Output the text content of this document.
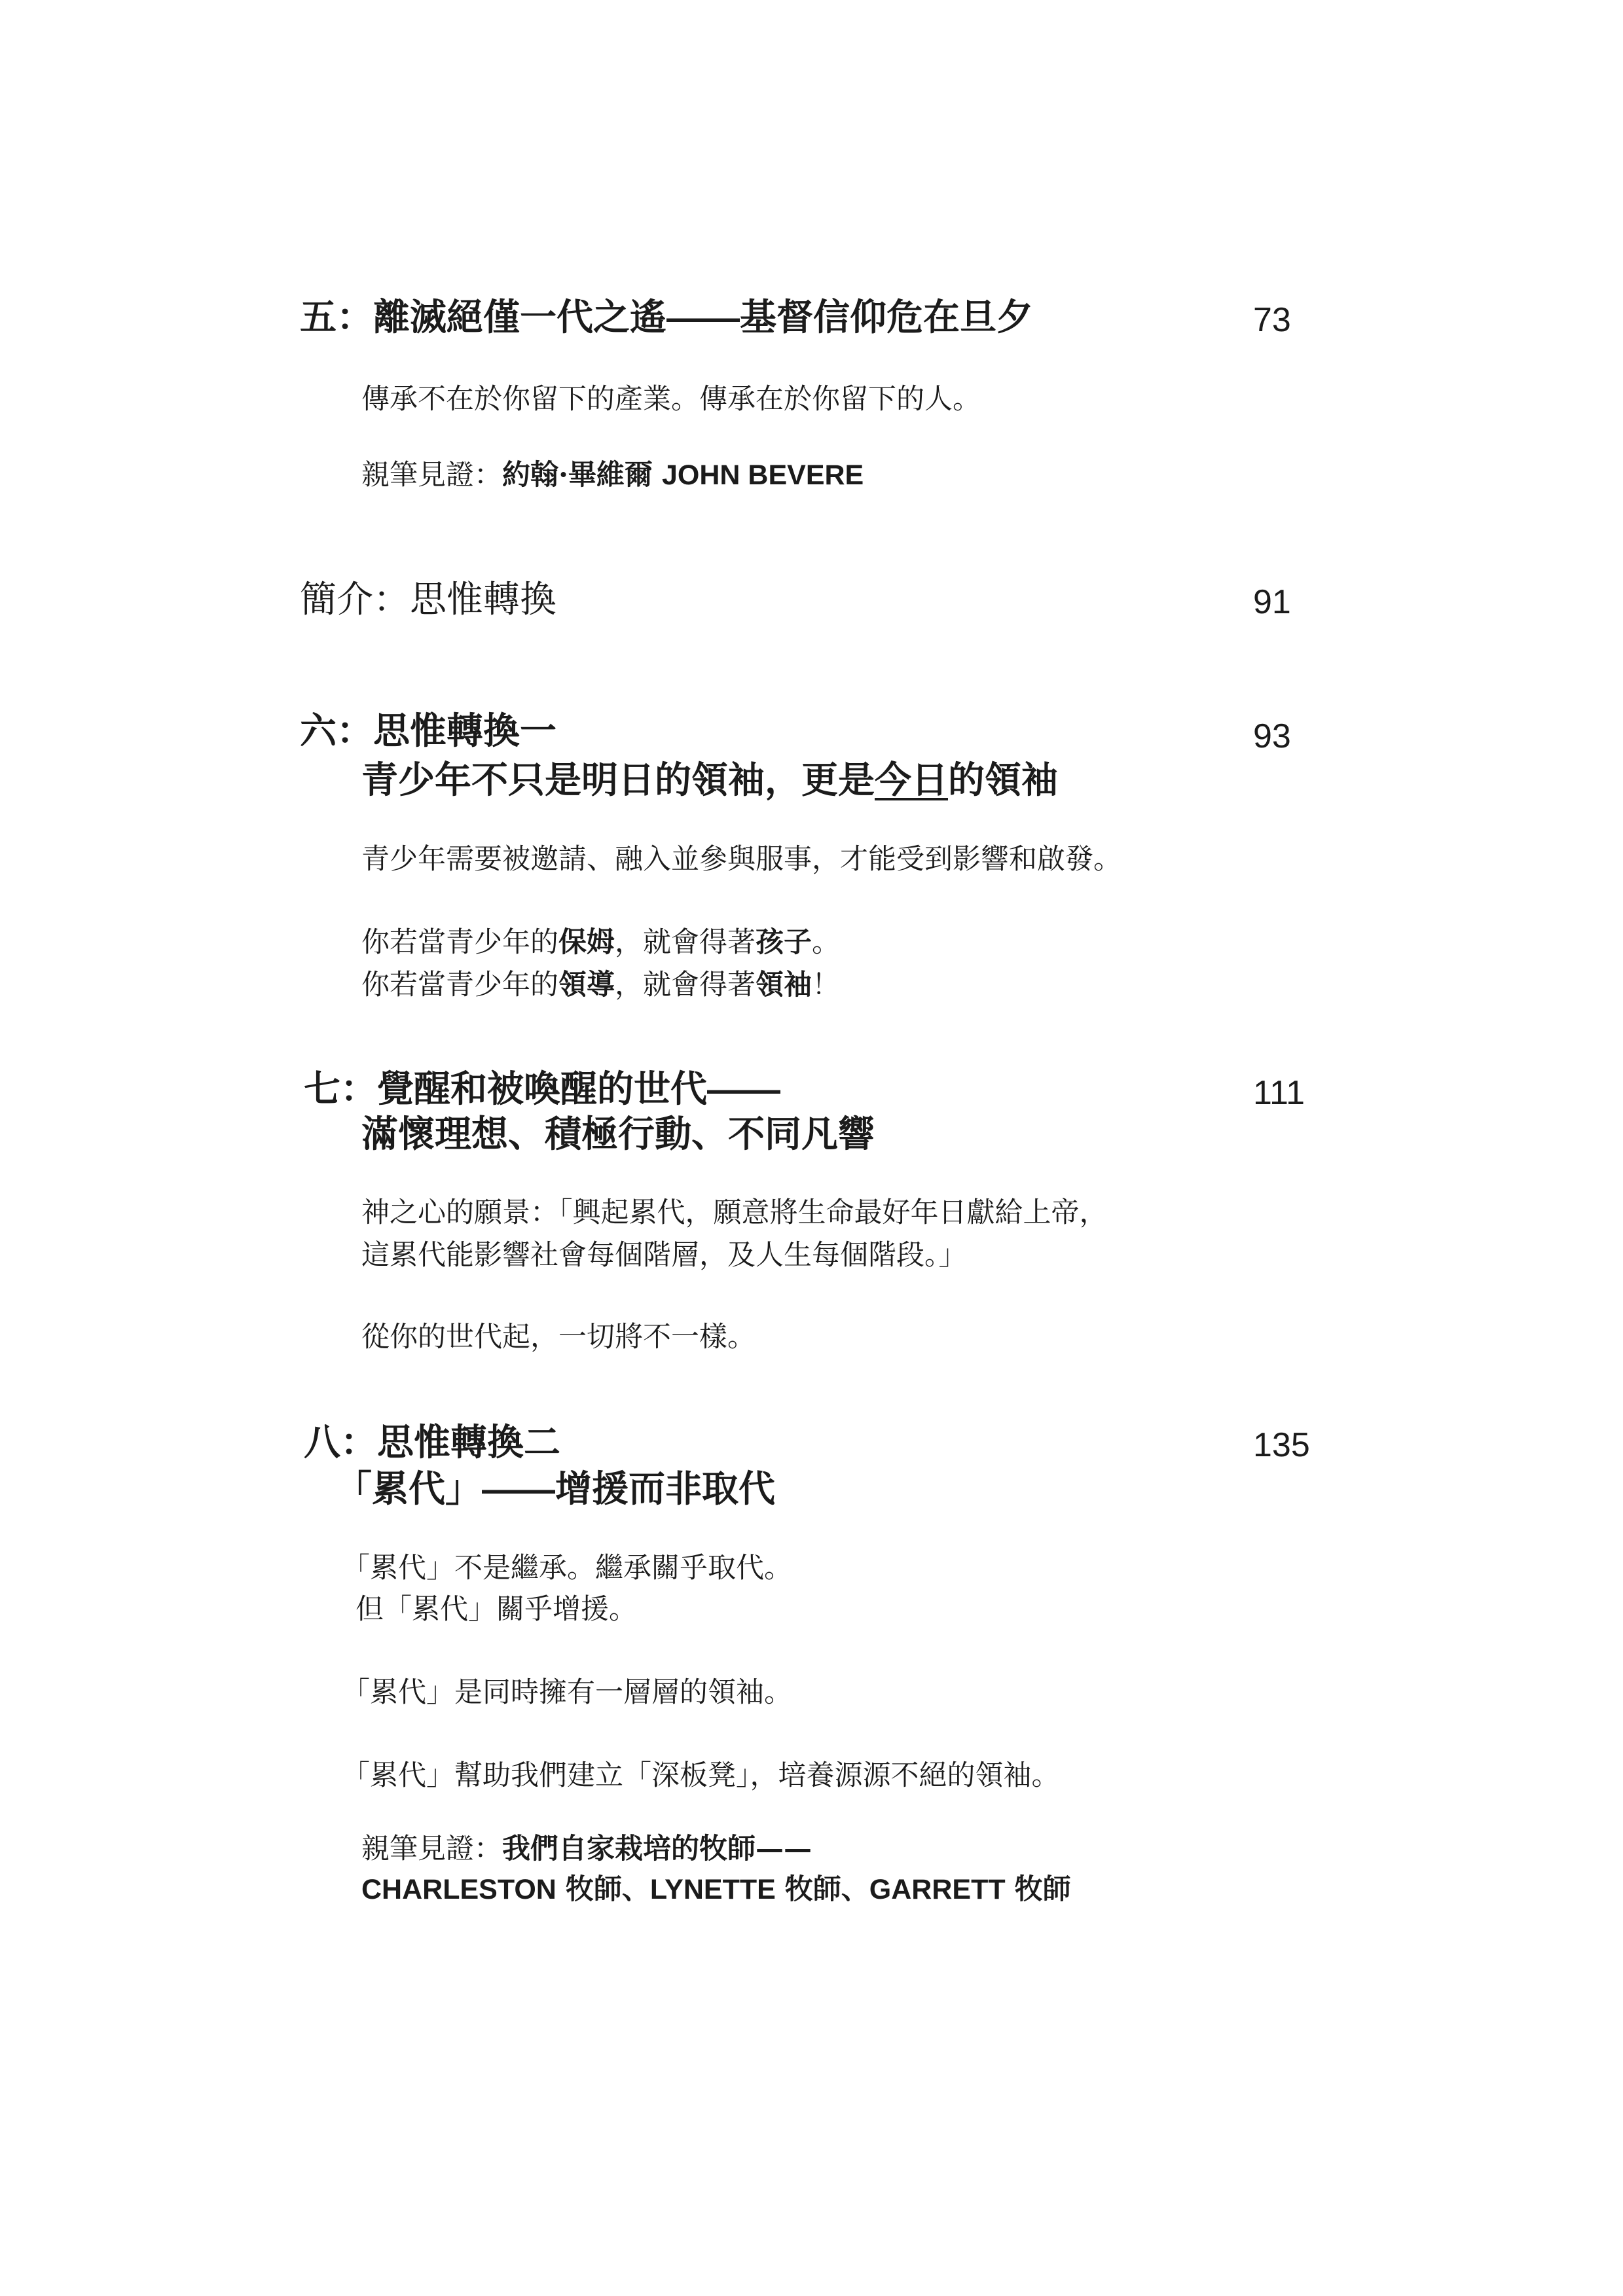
五：離滅絕僅一代之遙——基督信仰危在旦夕	73
傳承不在於你留下的產業。傳承在於你留下的人。
親筆見證：約翰·畢維爾 JOHN BEVERE
簡介：思惟轉換	91
六：思惟轉換一
青少年不只是明日的領袖，更是今日的領袖
93
青少年需要被邀請、融入並參與服事，才能受到影響和啟發。
你若當青少年的保姆，就會得著孩子。
你若當青少年的領導，就會得著領袖！
七：覺醒和被喚醒的世代——
滿懷理想、積極行動、不同凡響
111
神之心的願景：「興起累代，願意將生命最好年日獻給上帝，
這累代能影響社會每個階層，及人生每個階段。」
從你的世代起，一切將不一樣。
八：思惟轉換二
「累代」——增援而非取代
135
「累代」不是繼承。繼承關乎取代。
但「累代」關乎增援。
「累代」是同時擁有一層層的領袖。
「累代」幫助我們建立「深板凳」，培養源源不絕的領袖。
親筆見證：我們自家栽培的牧師——
CHARLESTON 牧師、LYNETTE 牧師、GARRETT 牧師
